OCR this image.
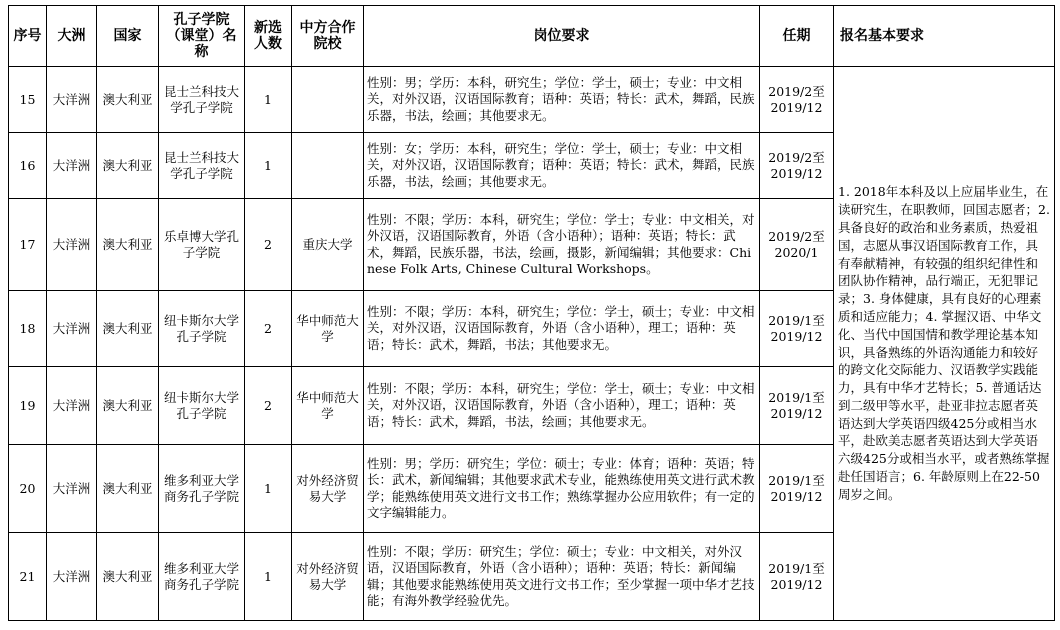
序号	大洲	国家	孔子学院（课堂）名称	新选人数	中方合作院校	岗位要求	任期	报名基本要求
15	大洋洲	澳大利亚	昆士兰科技大学孔子学院	1		性别：男；学历：本科，研究生；学位：学士，硕士；专业：中文相关，对外汉语，汉语国际教育；语种：英语；特长：武术，舞蹈，民族乐器，书法，绘画；其他要求无。	2019/2至2019/12	1. 2018年本科及以上应届毕业生，在读研究生，在职教师，回国志愿者；2. 具备良好的政治和业务素质，热爱祖国，志愿从事汉语国际教育工作，具有奉献精神，有较强的组织纪律性和团队协作精神，品行端正，无犯罪记录；3. 身体健康，具有良好的心理素质和适应能力；4. 掌握汉语、中华文化、当代中国国情和教学理论基本知识，具备熟练的外语沟通能力和较好的跨文化交际能力、汉语教学实践能力，具有中华才艺特长；5. 普通话达到二级甲等水平，赴亚非拉志愿者英语达到大学英语四级425分或相当水平，赴欧美志愿者英语达到大学英语六级425分或相当水平，或者熟练掌握赴任国语言；6. 年龄原则上在22-50周岁之间。
16	大洋洲	澳大利亚	昆士兰科技大学孔子学院	1		性别：女；学历：本科，研究生；学位：学士，硕士；专业：中文相关，对外汉语，汉语国际教育；语种：英语；特长：武术，舞蹈，民族乐器，书法，绘画；其他要求无。	2019/2至2019/12	
17	大洋洲	澳大利亚	乐卓博大学孔子学院	2	重庆大学	性别：不限；学历：本科，研究生；学位：学士；专业：中文相关，对外汉语，汉语国际教育，外语（含小语种）；语种：英语；特长：武术，舞蹈，民族乐器，书法，绘画，摄影，新闻编辑；其他要求：Chinese Folk Arts, Chinese Cultural Workshops。	2019/2至2020/1	
18	大洋洲	澳大利亚	纽卡斯尔大学孔子学院	2	华中师范大学	性别：不限；学历：本科，研究生；学位：学士，硕士；专业：中文相关，对外汉语，汉语国际教育，外语（含小语种），理工；语种：英语；特长：武术，舞蹈，书法；其他要求无。	2019/1至2019/12	
19	大洋洲	澳大利亚	纽卡斯尔大学孔子学院	2	华中师范大学	性别：不限；学历：本科，研究生；学位：学士，硕士；专业：中文相关，对外汉语，汉语国际教育，外语（含小语种），理工；语种：英语；特长：武术，舞蹈，书法，绘画；其他要求无。	2019/1至2019/12	
20	大洋洲	澳大利亚	维多利亚大学商务孔子学院	1	对外经济贸易大学	性别：男；学历：研究生；学位：硕士；专业：体育；语种：英语；特长：武术，新闻编辑；其他要求武术专业，能熟练使用英文进行武术教学；能熟练使用英文进行文书工作；熟练掌握办公应用软件；有一定的文字编辑能力。	2019/1至2019/12	
21	大洋洲	澳大利亚	维多利亚大学商务孔子学院	1	对外经济贸易大学	性别：不限；学历：研究生；学位：硕士；专业：中文相关，对外汉语，汉语国际教育，外语（含小语种）；语种：英语；特长：新闻编辑；其他要求能熟练使用英文进行文书工作；至少掌握一项中华才艺技能；有海外教学经验优先。	2019/1至2019/12	
